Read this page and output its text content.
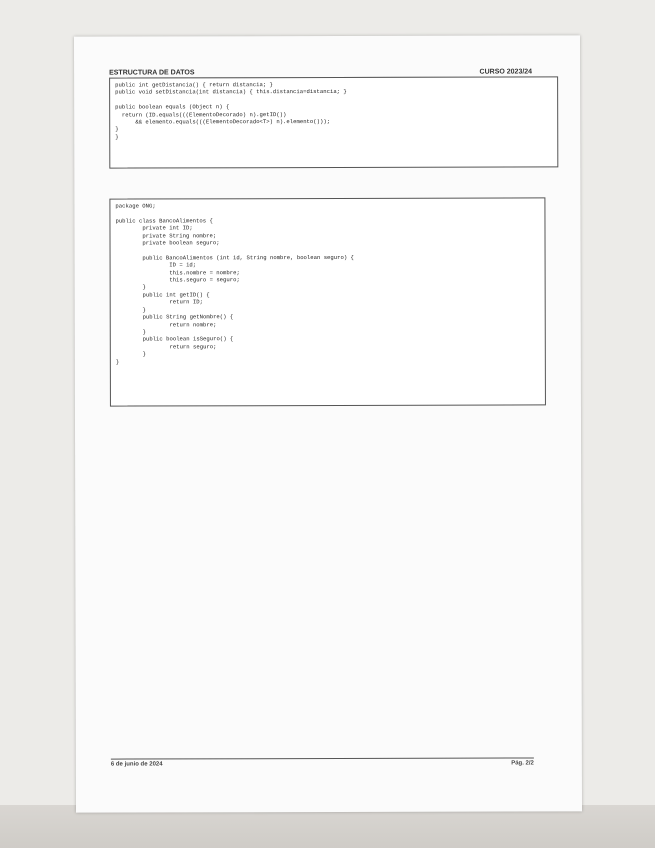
ESTRUCTURA DE DATOS	CURSO 2023/24
public int getDistancia() { return distancia; }
public void setDistancia(int distancia) { this.distancia=distancia; }

public boolean equals (Object n) {
return (ID.equals(((ElementoDecorado) n).getID())
&& elemento.equals(((ElementoDecorado<T>) n).elemento()));
}
}
package ONG;

public class BancoAlimentos {
private int ID;
private String nombre;
private boolean seguro;

public BancoAlimentos (int id, String nombre, boolean seguro) {
ID = id;
this.nombre = nombre;
this.seguro = seguro;
}
public int getID() {
return ID;
}
public String getNombre() {
return nombre;
}
public boolean isSeguro() {
return seguro;
}
}
6 de junio de 2024	Pág. 2/2
